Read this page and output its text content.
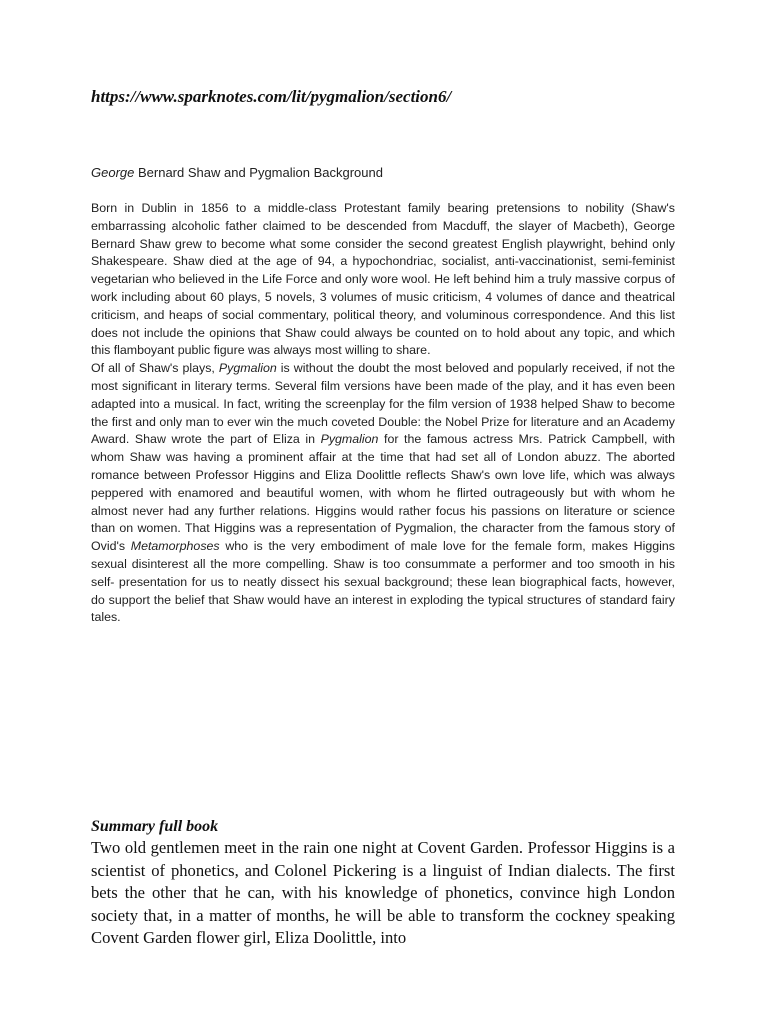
https://www.sparknotes.com/lit/pygmalion/section6/
George Bernard Shaw and Pygmalion Background

Born in Dublin in 1856 to a middle-class Protestant family bearing pretensions to nobility (Shaw's embarrassing alcoholic father claimed to be descended from Macduff, the slayer of Macbeth), George Bernard Shaw grew to become what some consider the second greatest English playwright, behind only Shakespeare. Shaw died at the age of 94, a hypochondriac, socialist, anti-vaccinationist, semi-feminist vegetarian who believed in the Life Force and only wore wool. He left behind him a truly massive corpus of work including about 60 plays, 5 novels, 3 volumes of music criticism, 4 volumes of dance and theatrical criticism, and heaps of social commentary, political theory, and voluminous correspondence. And this list does not include the opinions that Shaw could always be counted on to hold about any topic, and which this flamboyant public figure was always most willing to share.

Of all of Shaw's plays, Pygmalion is without the doubt the most beloved and popularly received, if not the most significant in literary terms. Several film versions have been made of the play, and it has even been adapted into a musical. In fact, writing the screenplay for the film version of 1938 helped Shaw to become the first and only man to ever win the much coveted Double: the Nobel Prize for literature and an Academy Award. Shaw wrote the part of Eliza in Pygmalion for the famous actress Mrs. Patrick Campbell, with whom Shaw was having a prominent affair at the time that had set all of London abuzz. The aborted romance between Professor Higgins and Eliza Doolittle reflects Shaw's own love life, which was always peppered with enamored and beautiful women, with whom he flirted outrageously but with whom he almost never had any further relations. Higgins would rather focus his passions on literature or science than on women. That Higgins was a representation of Pygmalion, the character from the famous story of Ovid's Metamorphoses who is the very embodiment of male love for the female form, makes Higgins sexual disinterest all the more compelling. Shaw is too consummate a performer and too smooth in his self- presentation for us to neatly dissect his sexual background; these lean biographical facts, however, do support the belief that Shaw would have an interest in exploding the typical structures of standard fairy tales.

Summary full book

Two old gentlemen meet in the rain one night at Covent Garden. Professor Higgins is a scientist of phonetics, and Colonel Pickering is a linguist of Indian dialects. The first bets the other that he can, with his knowledge of phonetics, convince high London society that, in a matter of months, he will be able to transform the cockney speaking Covent Garden flower girl, Eliza Doolittle, into
